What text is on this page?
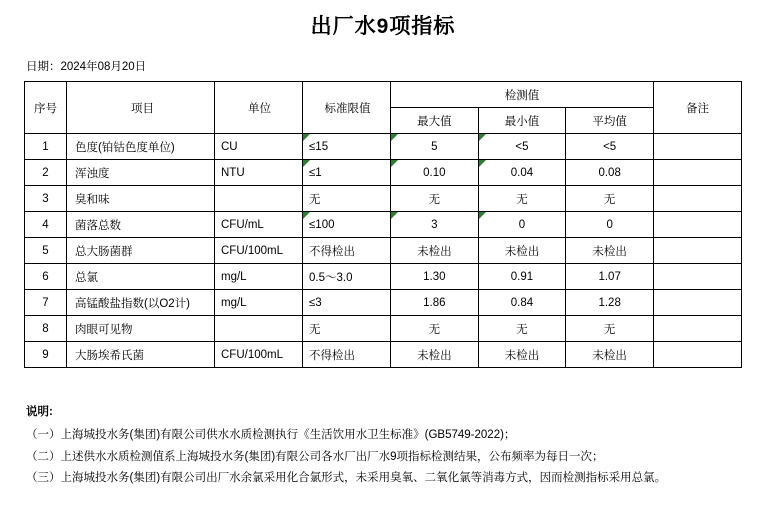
出厂水9项指标
日期：2024年08月20日
序号	项目	单位	标准限值	检测值			备注
				最大值	最小值	平均值	
1	色度(铂钴色度单位)	CU	≤15	5	<5	<5	
2	浑浊度	NTU	≤1	0.10	0.04	0.08	
3	臭和味		无	无	无	无	
4	菌落总数	CFU/mL	≤100	3	0	0	
5	总大肠菌群	CFU/100mL	不得检出	未检出	未检出	未检出	
6	总氯	mg/L	0.5～3.0	1.30	0.91	1.07	
7	高锰酸盐指数(以O2计)	mg/L	≤3	1.86	0.84	1.28	
8	肉眼可见物		无	无	无	无	
9	大肠埃希氏菌	CFU/100mL	不得检出	未检出	未检出	未检出	
说明:

（一）上海城投水务(集团)有限公司供水水质检测执行《生活饮用水卫生标准》(GB5749-2022)；

（二）上述供水水质检测值系上海城投水务(集团)有限公司各水厂出厂水9项指标检测结果，公布频率为每日一次；

（三）上海城投水务(集团)有限公司出厂水余氯采用化合氯形式，未采用臭氧、二氧化氯等消毒方式，因而检测指标采用总氯。
